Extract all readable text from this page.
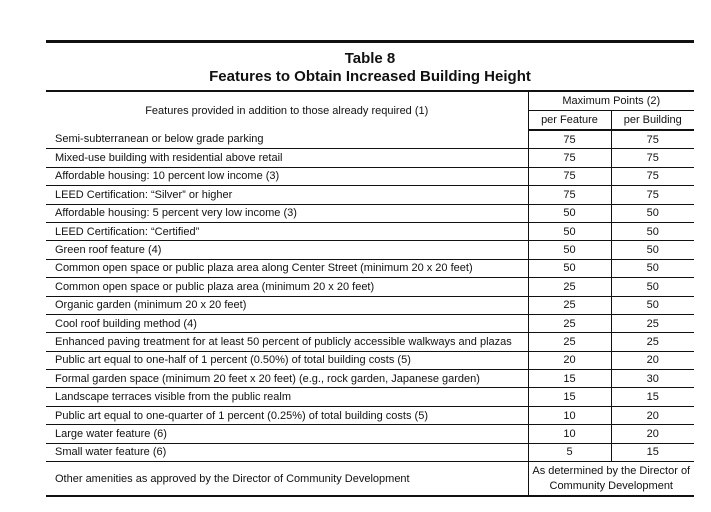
Table 8
Features to Obtain Increased Building Height
Features provided in addition to those already required (1)	Maximum Points (2)	
	per Feature	per Building
Semi-subterranean or below grade parking	75	75
Mixed-use building with residential above retail	75	75
Affordable housing: 10 percent low income (3)	75	75
LEED Certification: “Silver” or higher	75	75
Affordable housing: 5 percent very low income (3)	50	50
LEED Certification: “Certified”	50	50
Green roof feature (4)	50	50
Common open space or public plaza area along Center Street (minimum 20 x 20 feet)	50	50
Common open space or public plaza area (minimum 20 x 20 feet)	25	50
Organic garden (minimum 20 x 20 feet)	25	50
Cool roof building method (4)	25	25
Enhanced paving treatment for at least 50 percent of publicly accessible walkways and plazas	25	25
Public art equal to one-half of 1 percent (0.50%) of total building costs (5)	20	20
Formal garden space (minimum 20 feet x 20 feet) (e.g., rock garden, Japanese garden)	15	30
Landscape terraces visible from the public realm	15	15
Public art equal to one-quarter of 1 percent (0.25%) of total building costs (5)	10	20
Large water feature (6)	10	20
Small water feature (6)	5	15
Other amenities as approved by the Director of Community Development	As determined by the Director of Community Development	
